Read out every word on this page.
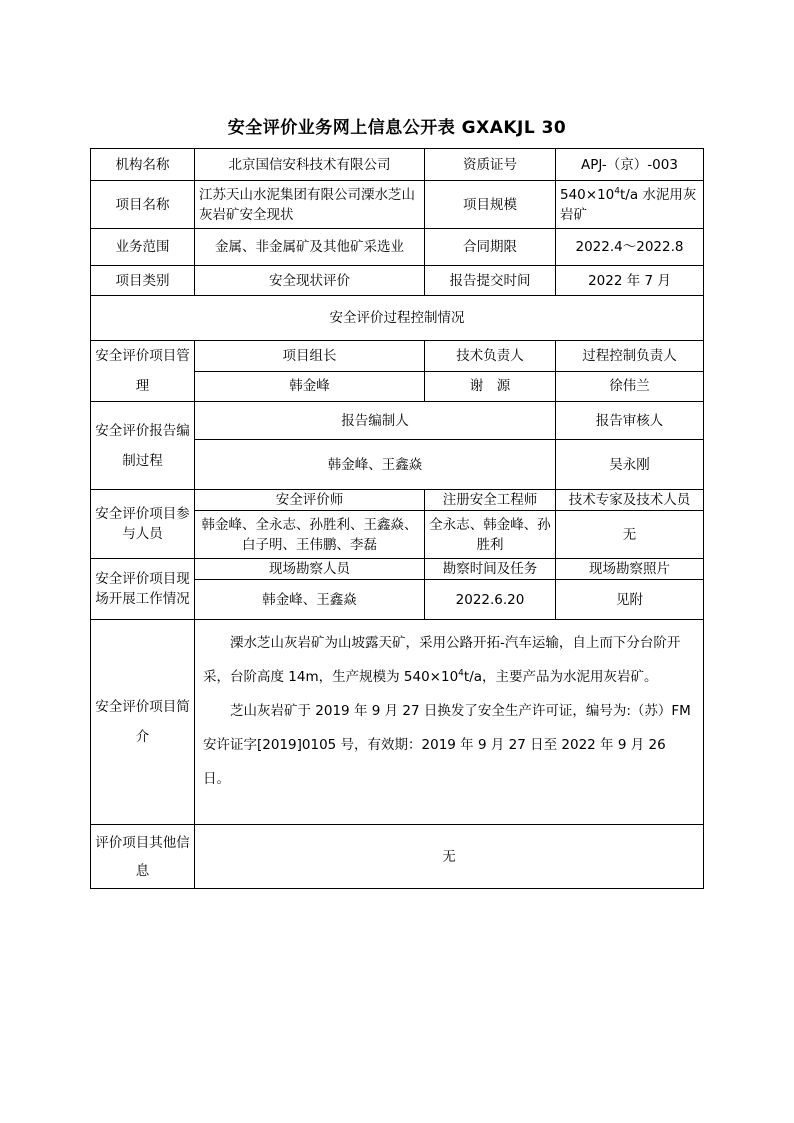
安全评价业务网上信息公开表 GXAKJL 30
机构名称	北京国信安科技术有限公司	资质证号	APJ-（京）-003
项目名称	江苏天山水泥集团有限公司溧水芝山灰岩矿安全现状	项目规模	$540\times 10^4t/a$ 水泥用灰岩矿
业务范围	金属、非金属矿及其他矿采选业	合同期限	2022.4～2022.8
项目类别	安全现状评价	报告提交时间	2022 年 7 月
安全评价过程控制情况			
安全评价项目管理	项目组长	技术负责人	过程控制负责人
	韩金峰	谢　源	徐伟兰
安全评价报告编制过程	报告编制人		报告审核人
	韩金峰、王鑫焱		吴永刚
安全评价项目参与人员	安全评价师	注册安全工程师	技术专家及技术人员
	韩金峰、全永志、孙胜利、王鑫焱、白子明、王伟鹏、李磊	全永志、韩金峰、孙胜利	无
安全评价项目现场开展工作情况	现场勘察人员	勘察时间及任务	现场勘察照片
	韩金峰、王鑫焱	2022.6.20	见附
安全评价项目简介	溧水芝山灰岩矿为山坡露天矿，采用公路开拓-汽车运输，自上而下分台阶开采，台阶高度 14m，生产规模为 $540\times 10^4t/a$，主要产品为水泥用灰岩矿。

芝山灰岩矿于 2019 年 9 月 27 日换发了安全生产许可证，编号为:（苏）FM 安许证字[2019]0105 号，有效期：2019 年 9 月 27 日至 2022 年 9 月 26 日。		

评价项目其他信息	无		
